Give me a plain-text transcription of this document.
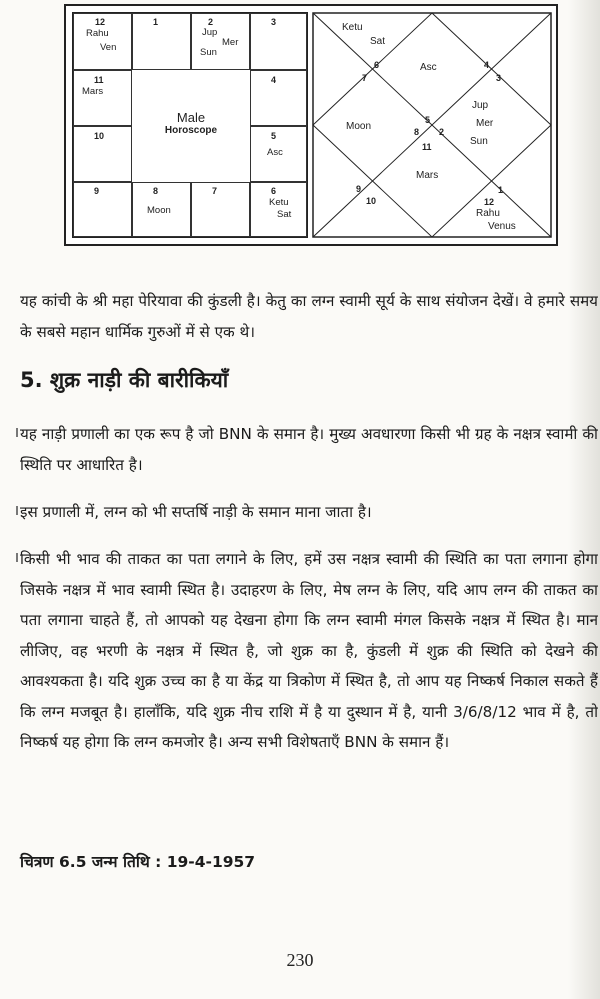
12
Rahu
Ven
1	2
Jup
Mer
Sun
3
11
Mars
10
4
5
Asc
9	8
Moon
7	6
Ketu
Sat
Male
Horoscope
Ketu
Sat
6
7
Asc	4
3
Moon
5
8 2
11
Jup
Mer
Sun
Mars
9
10
1
12
Rahu
Venus
यह कांची के श्री महा पेरियावा की कुंडली है। केतु का लग्न स्वामी सूर्य के साथ संयोजन देखें। वे हमारे समय के सबसे महान धार्मिक गुरुओं में से एक थे।
5. शुक्र नाड़ी की बारीकियाँ
यह नाड़ी प्रणाली का एक रूप है जो BNN के समान है। मुख्य अवधारणा किसी भी ग्रह के नक्षत्र स्वामी की स्थिति पर आधारित है।
इस प्रणाली में, लग्न को भी सप्तर्षि नाड़ी के समान माना जाता है।
किसी भी भाव की ताकत का पता लगाने के लिए, हमें उस नक्षत्र स्वामी की स्थिति का पता लगाना होगा जिसके नक्षत्र में भाव स्वामी स्थित है। उदाहरण के लिए, मेष लग्न के लिए, यदि आप लग्न की ताकत का पता लगाना चाहते हैं, तो आपको यह देखना होगा कि लग्न स्वामी मंगल किसके नक्षत्र में स्थित है। मान लीजिए, वह भरणी के नक्षत्र में स्थित है, जो शुक्र का है, कुंडली में शुक्र की स्थिति को देखने की आवश्यकता है। यदि शुक्र उच्च का है या केंद्र या त्रिकोण में स्थित है, तो आप यह निष्कर्ष निकाल सकते हैं कि लग्न मजबूत है। हालाँकि, यदि शुक्र नीच राशि में है या दुस्थान में है, यानी 3/6/8/12 भाव में है, तो निष्कर्ष यह होगा कि लग्न कमजोर है। अन्य सभी विशेषताएँ BNN के समान हैं।
चित्रण 6.5 जन्म तिथि : 19-4-1957
230
